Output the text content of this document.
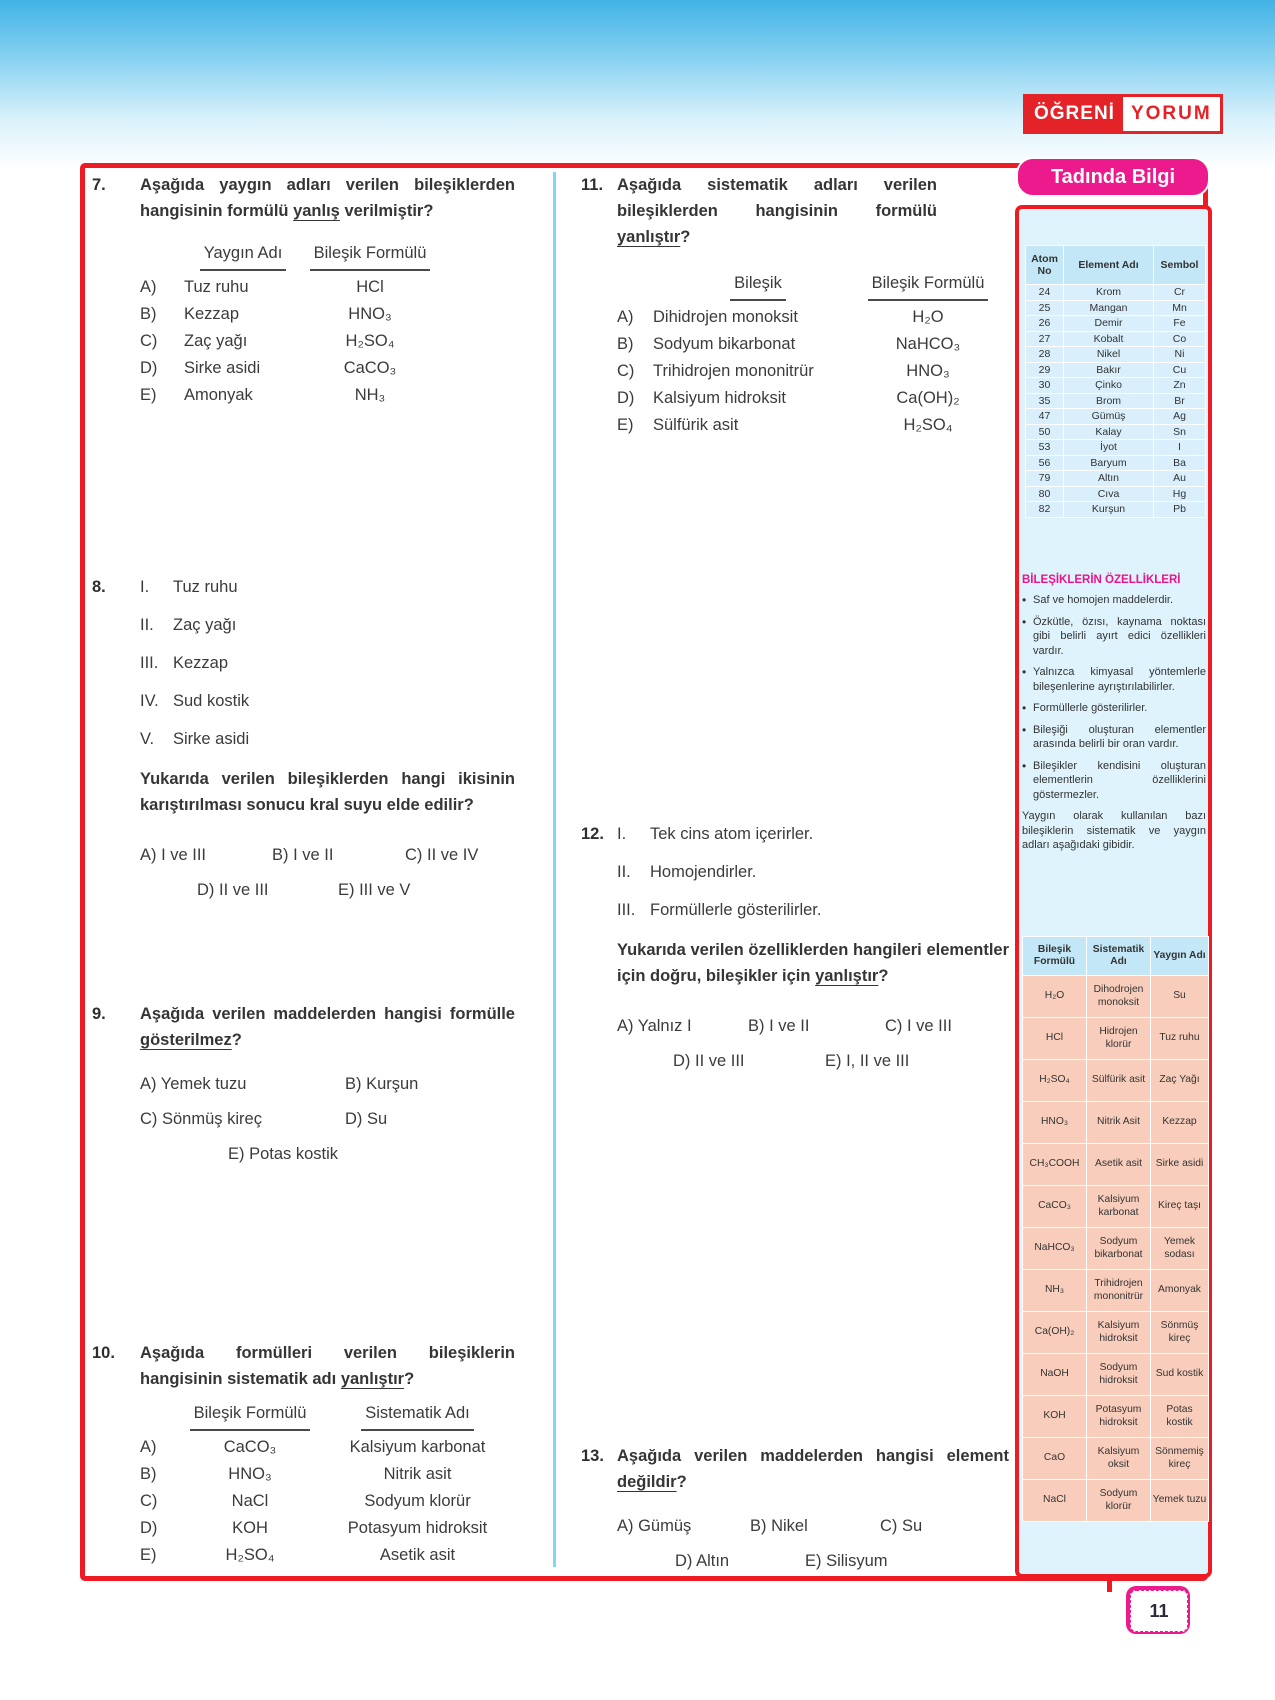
ÖĞRENİ YORUM
7.	Aşağıda yaygın adları verilen bileşiklerden hangisinin formülü yanlış verilmiştir?
Yaygın Adı Bileşik Formülü
A)	Tuz ruhu	HCl
B)	Kezzap	HNO₃
C)	Zaç yağı	H₂SO₄
D)	Sirke asidi	CaCO₃
E)	Amonyak	NH₃
8.	I.	Tuz ruhu
II.	Zaç yağı
III. Kezzap
IV. Sud kostik
V.	Sirke asidi
Yukarıda verilen bileşiklerden hangi ikisinin karıştırılması sonucu kral suyu elde edilir?
A) I ve III	B) I ve II	C) II ve IV
D) II ve III	E) III ve V
9.	Aşağıda verilen maddelerden hangisi formülle gösterilmez?
A) Yemek tuzu	B) Kurşun
C) Sönmüş kireç	D) Su
E) Potas kostik
10.	Aşağıda formülleri verilen bileşiklerin hangisinin sistematik adı yanlıştır?
Bileşik Formülü	Sistematik Adı
A)	CaCO₃	Kalsiyum karbonat
B)	HNO₃	Nitrik asit
C)	NaCl	Sodyum klorür
D)	KOH	Potasyum hidroksit
E)	H₂SO₄	Asetik asit
11. Aşağıda sistematik adları verilen bileşiklerden hangisinin formülü yanlıştır?
Bileşik	Bileşik Formülü
A)	Dihidrojen monoksit	H₂O
B)	Sodyum bikarbonat	NaHCO₃
C)	Trihidrojen mononitrür	HNO₃
D)	Kalsiyum hidroksit	Ca(OH)₂
E)	Sülfürik asit	H₂SO₄
12. I.	Tek cins atom içerirler.
II.	Homojendirler.
III. Formüllerle gösterilirler.
Yukarıda verilen özelliklerden hangileri elementler için doğru, bileşikler için yanlıştır?
A) Yalnız I	B) I ve II	C) I ve III
D) II ve III	E) I, II ve III
13. Aşağıda verilen maddelerden hangisi element değildir?
A) Gümüş	B) Nikel	C) Su
D) Altın	E) Silisyum
Tadında Bilgi
Atom No	Element Adı	Sembol
24	Krom	Cr
25	Mangan	Mn
26	Demir	Fe
27	Kobalt	Co
28	Nikel	Ni
29	Bakır	Cu
30	Çinko	Zn
35	Brom	Br
47	Gümüş	Ag
50	Kalay	Sn
53	İyot	I
56	Baryum	Ba
79	Altın	Au
80	Cıva	Hg
82	Kurşun	Pb
BİLEŞİKLERİN ÖZELLİKLERİ
• Saf ve homojen maddelerdir.
• Özkütle, özısı, kaynama noktası gibi belirli ayırt edici özellikleri vardır.
• Yalnızca kimyasal yöntemlerle bileşenlerine ayrıştırılabilirler.
• Formüllerle gösterilirler.
• Bileşiği oluşturan elementler arasında belirli bir oran vardır.
• Bileşikler kendisini oluşturan elementlerin özelliklerini göstermezler.
Yaygın olarak kullanılan bazı bileşiklerin sistematik ve yaygın adları aşağıdaki gibidir.
Bileşik Formülü	Sistematik Adı	Yaygın Adı
H₂O	Dihodrojen monoksit	Su
HCl	Hidrojen klorür	Tuz ruhu
H₂SO₄	Sülfürik asit	Zaç Yağı
HNO₃	Nitrik Asit	Kezzap
CH₃COOH	Asetik asit	Sirke asidi
CaCO₃	Kalsiyum karbonat	Kireç taşı
NaHCO₃	Sodyum bikarbonat	Yemek sodası
NH₃	Trihidrojen mononitrür	Amonyak
Ca(OH)₂	Kalsiyum hidroksit	Sönmüş kireç
NaOH	Sodyum hidroksit	Sud kostik
KOH	Potasyum hidroksit	Potas kostik
CaO	Kalsiyum oksit	Sönmemiş kireç
NaCl	Sodyum klorür	Yemek tuzu
11
